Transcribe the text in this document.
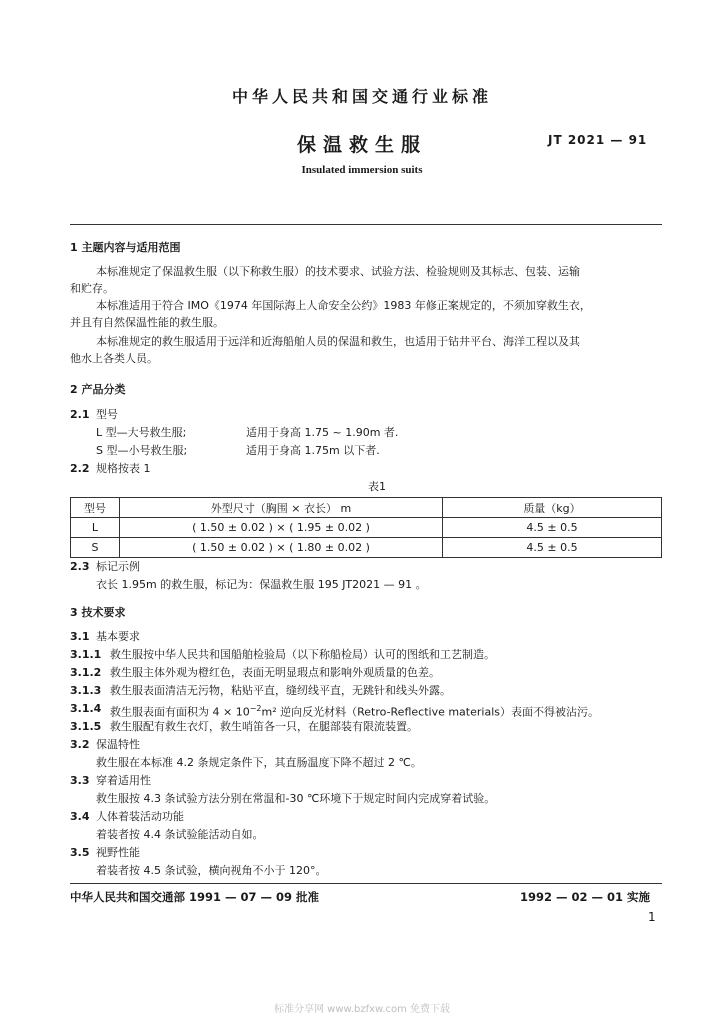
中华人民共和国交通行业标准
保温救生服	JT 2021 — 91
Insulated immersion suits
1 主题内容与适用范围
本标准规定了保温救生服（以下称救生服）的技术要求、试验方法、检验规则及其标志、包装、运输
和贮存。
本标准适用于符合 IMO《1974 年国际海上人命安全公约》1983 年修正案规定的，不须加穿救生衣，
并且有自然保温性能的救生服。
本标准规定的救生服适用于远洋和近海船舶人员的保温和救生，也适用于钻井平台、海洋工程以及其
他水上各类人员。
2 产品分类
2.1 型号
L 型—大号救生服;	适用于身高 1.75 ~ 1.90m 者.
S 型—小号救生服;	适用于身高 1.75m 以下者.
2.2 规格按表 1
表1
型号	外型尺寸（胸围 × 衣长） m	质量（kg）
L	( 1.50 ± 0.02 ) × ( 1.95 ± 0.02 )	4.5 ± 0.5
S	( 1.50 ± 0.02 ) × ( 1.80 ± 0.02 )	4.5 ± 0.5
2.3 标记示例
衣长 1.95m 的救生服，标记为：保温救生服 195 JT2021 — 91 。
3 技术要求
3.1 基本要求
3.1.1 救生服按中华人民共和国船舶检验局（以下称船检局）认可的图纸和工艺制造。
3.1.2 救生服主体外观为橙红色，表面无明显瑕点和影响外观质量的色差。
3.1.3 救生服表面清洁无污物，粘贴平直，缝纫线平直，无跳针和线头外露。
3.1.4 救生服表面有面积为 $4 \times 10^{-2}m^2$ 逆向反光材料（Retro-Reflective materials）表面不得被沾污。
3.1.5 救生服配有救生衣灯，救生哨笛各一只，在腿部装有限流装置。
3.2 保温特性
救生服在本标准 4.2 条规定条件下，其直肠温度下降不超过 2 ℃。
3.3 穿着适用性
救生服按 4.3 条试验方法分别在常温和-30 ℃环境下于规定时间内完成穿着试验。
3.4 人体着装活动功能
着装者按 4.4 条试验能活动自如。
3.5 视野性能
着装者按 4.5 条试验，横向视角不小于 120°。
中华人民共和国交通部 1991 — 07 — 09 批准	1992 — 02 — 01 实施
1
标准分享网 www.bzfxw.com 免费下载
